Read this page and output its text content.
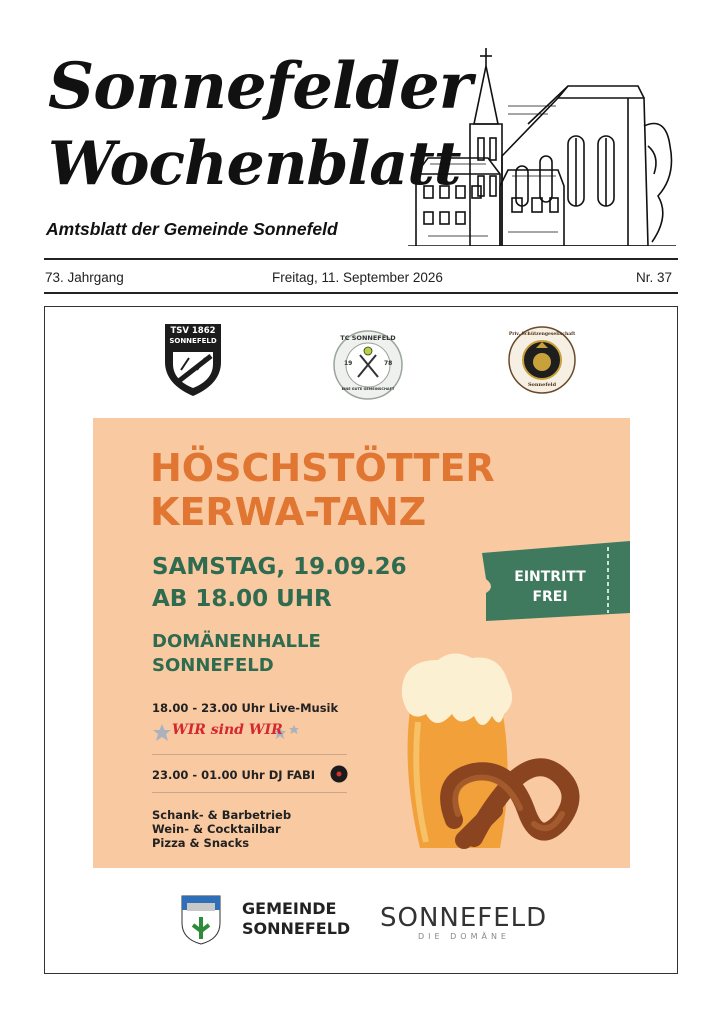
Sonnefelder
Wochenblatt
Amtsblatt der Gemeinde Sonnefeld
73. Jahrgang	Freitag, 11. September 2026	Nr. 37
TSV 1862
SONNEFELD	TC SONNEFELD
19	78
EINE GUTE GEMEINSCHAFT
Priv. Schützengesellschaft
Sonnefeld
HÖSCHSTÖTTER
KERWA-TANZ
SAMSTAG, 19.09.26
AB 18.00 UHR
DOMÄNENHALLE
SONNEFELD
EINTRITT
FREI
18.00 - 23.00 Uhr Live-Musik
WIR sind WIR
23.00 - 01.00 Uhr DJ FABI
Schank- & Barbetrieb
Wein- & Cocktailbar
Pizza & Snacks
GEMEINDE
SONNEFELD SONNEFELD
DIE DOMÄNE
